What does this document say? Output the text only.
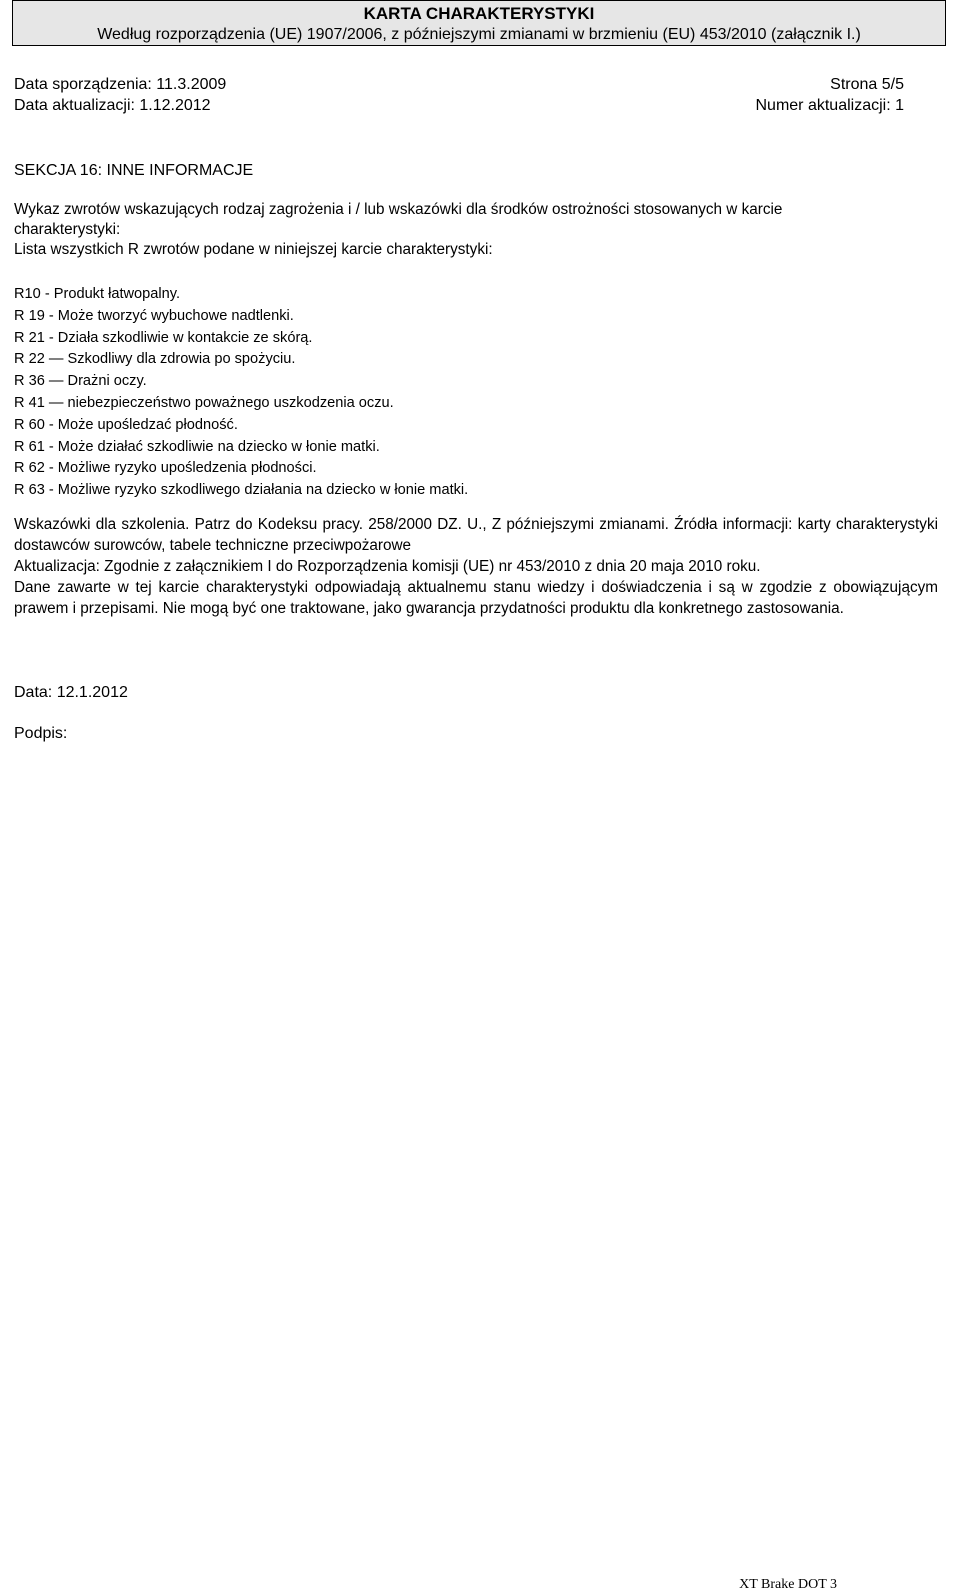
KARTA CHARAKTERYSTYKI
Według rozporządzenia (UE) 1907/2006, z późniejszymi zmianami w brzmieniu (EU) 453/2010 (załącznik I.)
Data sporządzenia: 11.3.2009	Strona 5/5
Data aktualizacji: 1.12.2012	Numer aktualizacji: 1
SEKCJA 16: INNE INFORMACJE

Wykaz zwrotów wskazujących rodzaj zagrożenia i / lub wskazówki dla środków ostrożności stosowanych w karcie

charakterystyki:

Lista wszystkich R zwrotów podane w niniejszej karcie charakterystyki:

R10 - Produkt łatwopalny.
R 19 - Może tworzyć wybuchowe nadtlenki.
R 21 - Działa szkodliwie w kontakcie ze skórą.
R 22 — Szkodliwy dla zdrowia po spożyciu.
R 36 — Drażni oczy.
R 41 — niebezpieczeństwo poważnego uszkodzenia oczu.
R 60 - Może upośledzać płodność.
R 61 - Może działać szkodliwie na dziecko w łonie matki.
R 62 - Możliwe ryzyko upośledzenia płodności.
R 63 - Możliwe ryzyko szkodliwego działania na dziecko w łonie matki.

Wskazówki dla szkolenia. Patrz do Kodeksu pracy. 258/2000 DZ. U., Z późniejszymi zmianami. Źródła informacji: karty charakterystyki dostawców surowców, tabele techniczne przeciwpożarowe

Aktualizacja: Zgodnie z załącznikiem I do Rozporządzenia komisji (UE) nr 453/2010 z dnia 20 maja 2010 roku.

Dane zawarte w tej karcie charakterystyki odpowiadają aktualnemu stanu wiedzy i doświadczenia i są w zgodzie z obowiązującym prawem i przepisami. Nie mogą być one traktowane, jako gwarancja przydatności produktu dla konkretnego zastosowania.

Data: 12.1.2012
Podpis:
XT Brake DOT 3
